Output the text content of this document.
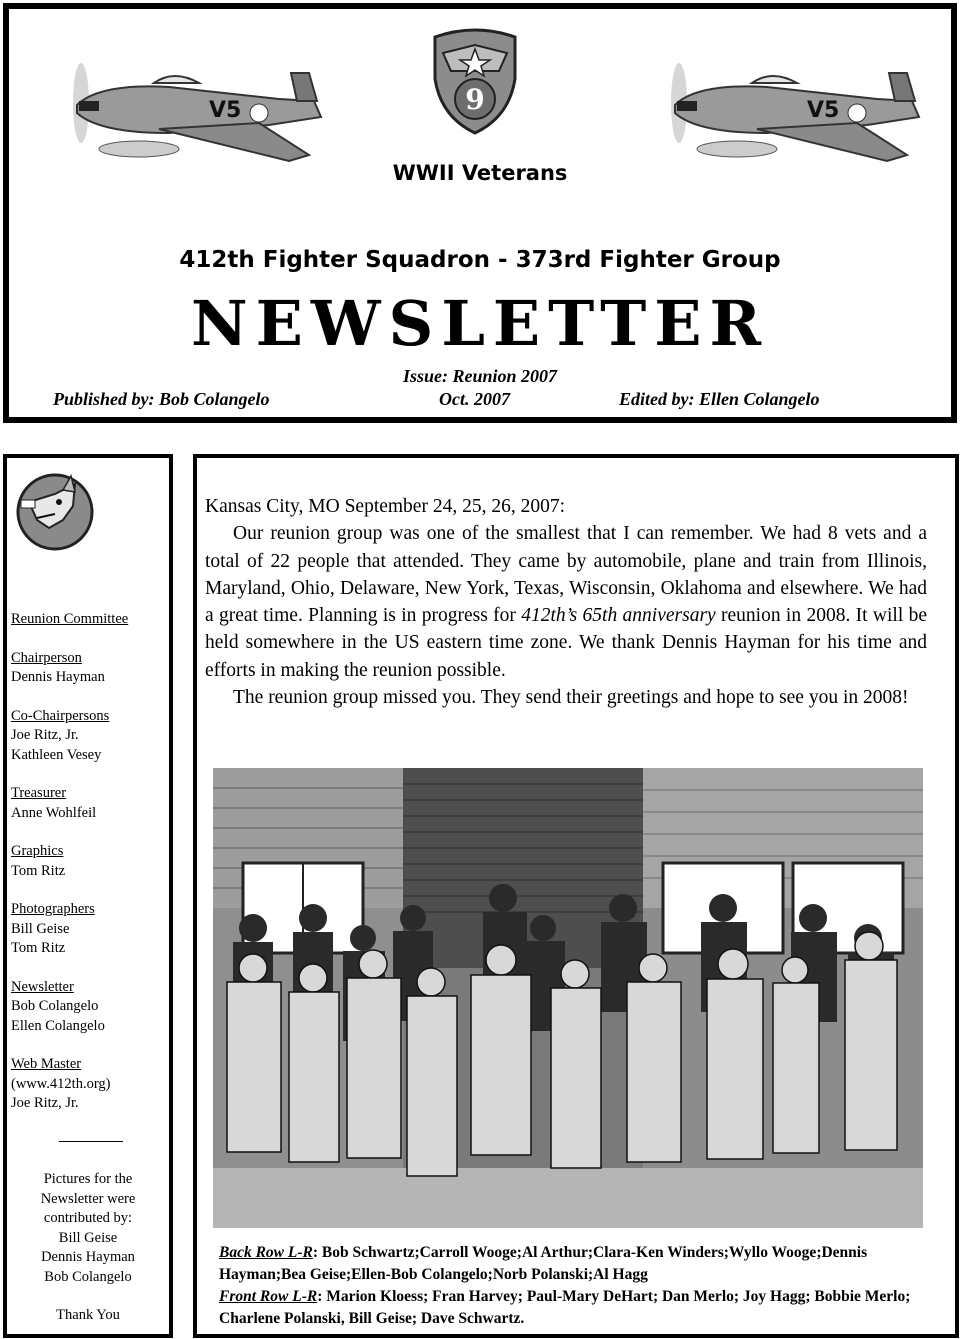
V5	9	V5
WWII Veterans
412th Fighter Squadron - 373rd Fighter Group
NEWSLETTER
Issue: Reunion 2007
Published by: Bob Colangelo	Oct. 2007	Edited by: Ellen Colangelo
Reunion Committee
Chairperson
Dennis Hayman
Co-Chairpersons
Joe Ritz, Jr.
Kathleen Vesey
Treasurer
Anne Wohlfeil
Graphics
Tom Ritz
Photographers
Bill Geise
Tom Ritz
Newsletter
Bob Colangelo
Ellen Colangelo
Web Master
(www.412th.org)
Joe Ritz, Jr.
Pictures for the
Newsletter were
contributed by:
Bill Geise
Dennis Hayman
Bob Colangelo
Thank You

Kansas City, MO September 24, 25, 26, 2007:

Our reunion group was one of the smallest that I can remember. We had 8 vets and a total of 22 people that attended. They came by automobile, plane and train from Illinois, Maryland, Ohio, Delaware, New York, Texas, Wisconsin, Oklahoma and elsewhere. We had a great time. Planning is in progress for 412th’s 65th anniversary reunion in 2008. It will be held somewhere in the US eastern time zone. We thank Dennis Hayman for his time and efforts in making the reunion possible.

The reunion group missed you. They send their greetings and hope to see you in 2008!

Back Row L-R: Bob Schwartz;Carroll Wooge;Al Arthur;Clara-Ken Winders;Wyllo Wooge;Dennis Hayman;Bea Geise;Ellen-Bob Colangelo;Norb Polanski;Al Hagg
Front Row L-R: Marion Kloess; Fran Harvey; Paul-Mary DeHart; Dan Merlo; Joy Hagg; Bobbie Merlo; Charlene Polanski, Bill Geise; Dave Schwartz.
